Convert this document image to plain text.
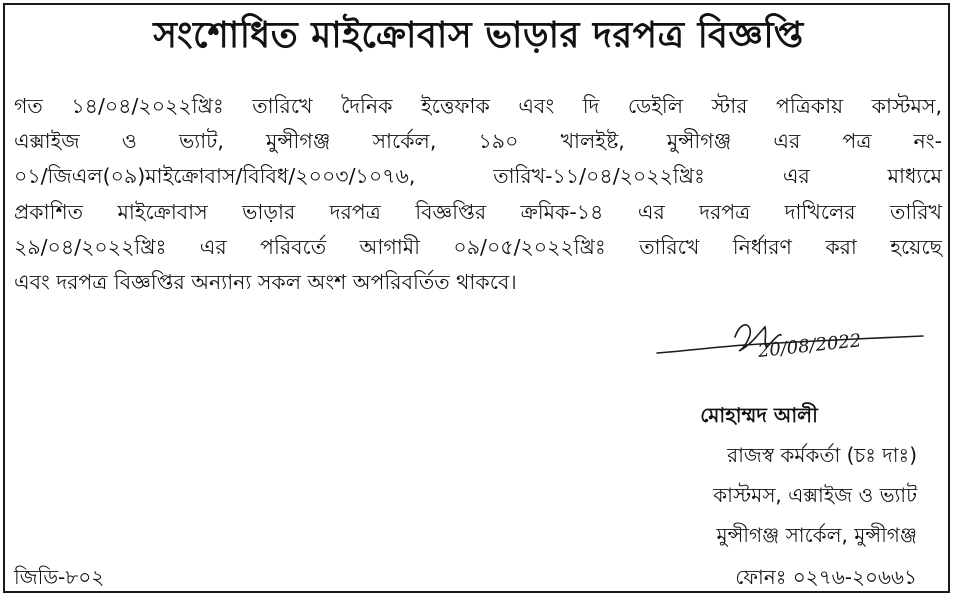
সংশোধিত মাইক্রোবাস ভাড়ার দরপত্র বিজ্ঞপ্তি
গত ১৪/০৪/২০২২খ্রিঃ তারিখে দৈনিক ইত্তেফাক এবং দি ডেইলি স্টার পত্রিকায় কাস্টমস,
এক্সাইজ ও ভ্যাট, মুন্সীগঞ্জ সার্কেল, ১৯০ খালইষ্ট, মুন্সীগঞ্জ এর পত্র নং-
০১/জিএল(০৯)মাইক্রোবাস/বিবিধ/২০০৩/১০৭৬, তারিখ-১১/০৪/২০২২খ্রিঃ এর মাধ্যমে
প্রকাশিত মাইক্রোবাস ভাড়ার দরপত্র বিজ্ঞপ্তির ক্রমিক-১৪ এর দরপত্র দাখিলের তারিখ
২৯/০৪/২০২২খ্রিঃ এর পরিবর্তে আগামী ০৯/০৫/২০২২খ্রিঃ তারিখে নির্ধারণ করা হয়েছে
এবং দরপত্র বিজ্ঞপ্তির অন্যান্য সকল অংশ অপরিবর্তিত থাকবে।
20/08/2022
মোহাম্মদ আলী
রাজস্ব কর্মকর্তা (চঃ দাঃ)
কাস্টমস, এক্সাইজ ও ভ্যাট
মুন্সীগঞ্জ সার্কেল, মুন্সীগঞ্জ
ফোনঃ ০২৭৬-২০৬৬১
জিডি-৮০২
